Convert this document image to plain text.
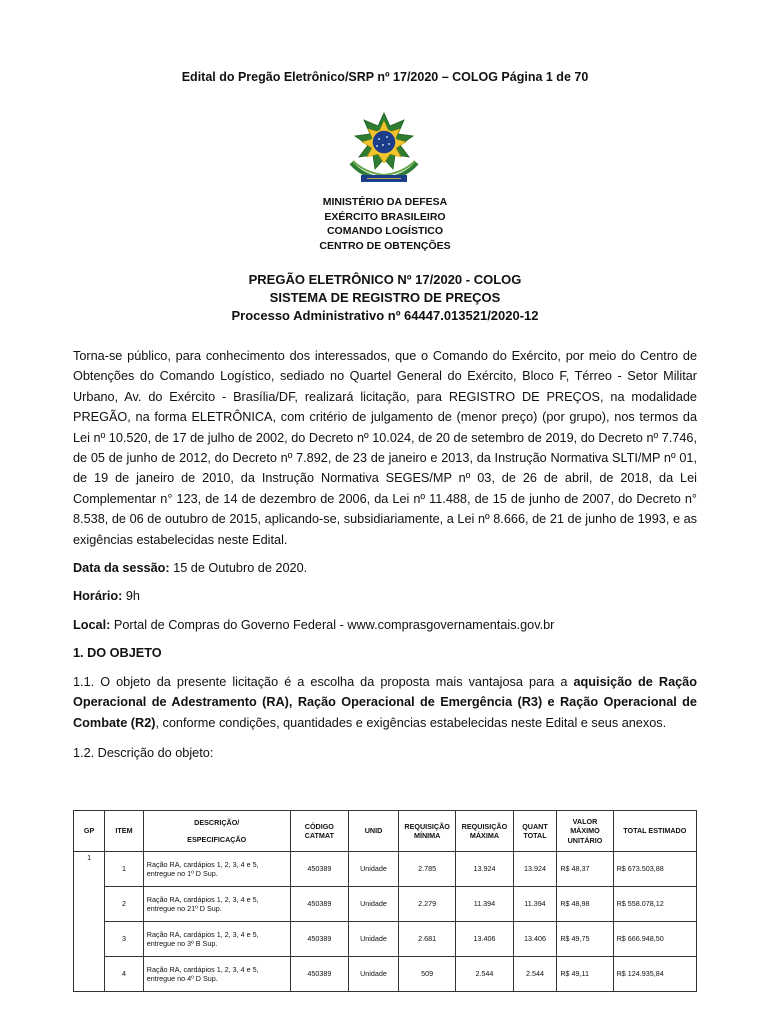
Edital do Pregão Eletrônico/SRP nº 17/2020 – COLOG Página 1 de 70
MINISTÉRIO DA DEFESA
EXÉRCITO BRASILEIRO
COMANDO LOGÍSTICO
CENTRO DE OBTENÇÕES
PREGÃO ELETRÔNICO Nº 17/2020 - COLOG
SISTEMA DE REGISTRO DE PREÇOS
Processo Administrativo nº 64447.013521/2020-12

Torna-se público, para conhecimento dos interessados, que o Comando do Exército, por meio do Centro de Obtenções do Comando Logístico, sediado no Quartel General do Exército, Bloco F, Térreo - Setor Militar Urbano, Av. do Exército - Brasília/DF, realizará licitação, para REGISTRO DE PREÇOS, na modalidade PREGÃO, na forma ELETRÔNICA, com critério de julgamento de (menor preço) (por grupo), nos termos da Lei nº 10.520, de 17 de julho de 2002, do Decreto nº 10.024, de 20 de setembro de 2019, do Decreto nº 7.746, de 05 de junho de 2012, do Decreto nº 7.892, de 23 de janeiro e 2013, da Instrução Normativa SLTI/MP nº 01, de 19 de janeiro de 2010, da Instrução Normativa SEGES/MP nº 03, de 26 de abril, de 2018, da Lei Complementar n° 123, de 14 de dezembro de 2006, da Lei nº 11.488, de 15 de junho de 2007, do Decreto n° 8.538, de 06 de outubro de 2015, aplicando-se, subsidiariamente, a Lei nº 8.666, de 21 de junho de 1993, e as exigências estabelecidas neste Edital.

Data da sessão: 15 de Outubro de 2020.

Horário: 9h

Local: Portal de Compras do Governo Federal - www.comprasgovernamentais.gov.br

1. DO OBJETO

1.1. O objeto da presente licitação é a escolha da proposta mais vantajosa para a aquisição de Ração Operacional de Adestramento (RA), Ração Operacional de Emergência (R3) e Ração Operacional de Combate (R2), conforme condições, quantidades e exigências estabelecidas neste Edital e seus anexos.

1.2. Descrição do objeto:

GP	ITEM	DESCRIÇÃO/
ESPECIFICAÇÃO	CÓDIGO CATMAT	UNID	REQUISIÇÃO MÍNIMA	REQUISIÇÃO MÁXIMA	QUANT TOTAL	VALOR MÁXIMO UNITÁRIO	TOTAL ESTIMADO
1	1	Ração RA, cardápios 1, 2, 3, 4 e 5, entregue no 1º D Sup.	450389	Unidade	2.785	13.924	13.924	R$ 48,37	R$ 673.503,88
	2	Ração RA, cardápios 1, 2, 3, 4 e 5, entregue no 21º D Sup.	450389	Unidade	2.279	11.394	11.394	R$ 48,98	R$ 558.078,12
	3	Ração RA, cardápios 1, 2, 3, 4 e 5, entregue no 3º B Sup.	450389	Unidade	2.681	13.406	13.406	R$ 49,75	R$ 666.948,50
	4	Ração RA, cardápios 1, 2, 3, 4 e 5, entregue no 4º D Sup.	450389	Unidade	509	2.544	2.544	R$ 49,11	R$ 124.935,84
